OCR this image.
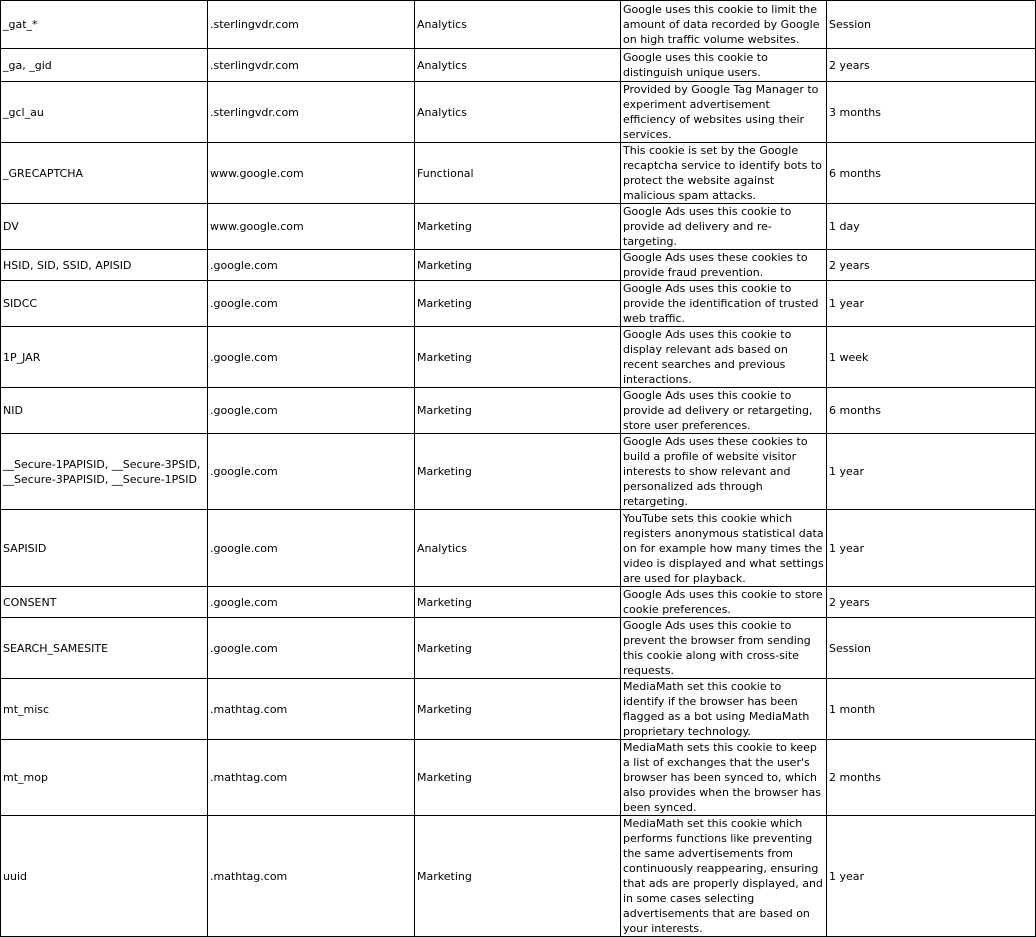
_gat_*	.sterlingvdr.com	Analytics	Google uses this cookie to limit the amount of data recorded by Google on high traffic volume websites.	Session
_ga, _gid	.sterlingvdr.com	Analytics	Google uses this cookie to distinguish unique users.	2 years
_gcl_au	.sterlingvdr.com	Analytics	Provided by Google Tag Manager to experiment advertisement efficiency of websites using their services.	3 months
_GRECAPTCHA	www.google.com	Functional	This cookie is set by the Google recaptcha service to identify bots to protect the website against malicious spam attacks.	6 months
DV	www.google.com	Marketing	Google Ads uses this cookie to provide ad delivery and re-targeting.	1 day
HSID, SID, SSID, APISID	.google.com	Marketing	Google Ads uses these cookies to provide fraud prevention.	2 years
SIDCC	.google.com	Marketing	Google Ads uses this cookie to provide the identification of trusted web traffic.	1 year
1P_JAR	.google.com	Marketing	Google Ads uses this cookie to display relevant ads based on recent searches and previous interactions.	1 week
NID	.google.com	Marketing	Google Ads uses this cookie to provide ad delivery or retargeting, store user preferences.	6 months
__Secure-1PAPISID, __Secure-3PSID, __Secure-3PAPISID, __Secure-1PSID	.google.com	Marketing	Google Ads uses these cookies to build a profile of website visitor interests to show relevant and personalized ads through retargeting.	1 year
SAPISID	.google.com	Analytics	YouTube sets this cookie which registers anonymous statistical data on for example how many times the video is displayed and what settings are used for playback.	1 year
CONSENT	.google.com	Marketing	Google Ads uses this cookie to store cookie preferences.	2 years
SEARCH_SAMESITE	.google.com	Marketing	Google Ads uses this cookie to prevent the browser from sending this cookie along with cross-site requests.	Session
mt_misc	.mathtag.com	Marketing	MediaMath set this cookie to identify if the browser has been flagged as a bot using MediaMath proprietary technology.	1 month
mt_mop	.mathtag.com	Marketing	MediaMath sets this cookie to keep a list of exchanges that the user's browser has been synced to, which also provides when the browser has been synced.	2 months
uuid	.mathtag.com	Marketing	MediaMath set this cookie which performs functions like preventing the same advertisements from continuously reappearing, ensuring that ads are properly displayed, and in some cases selecting advertisements that are based on your interests.	1 year
